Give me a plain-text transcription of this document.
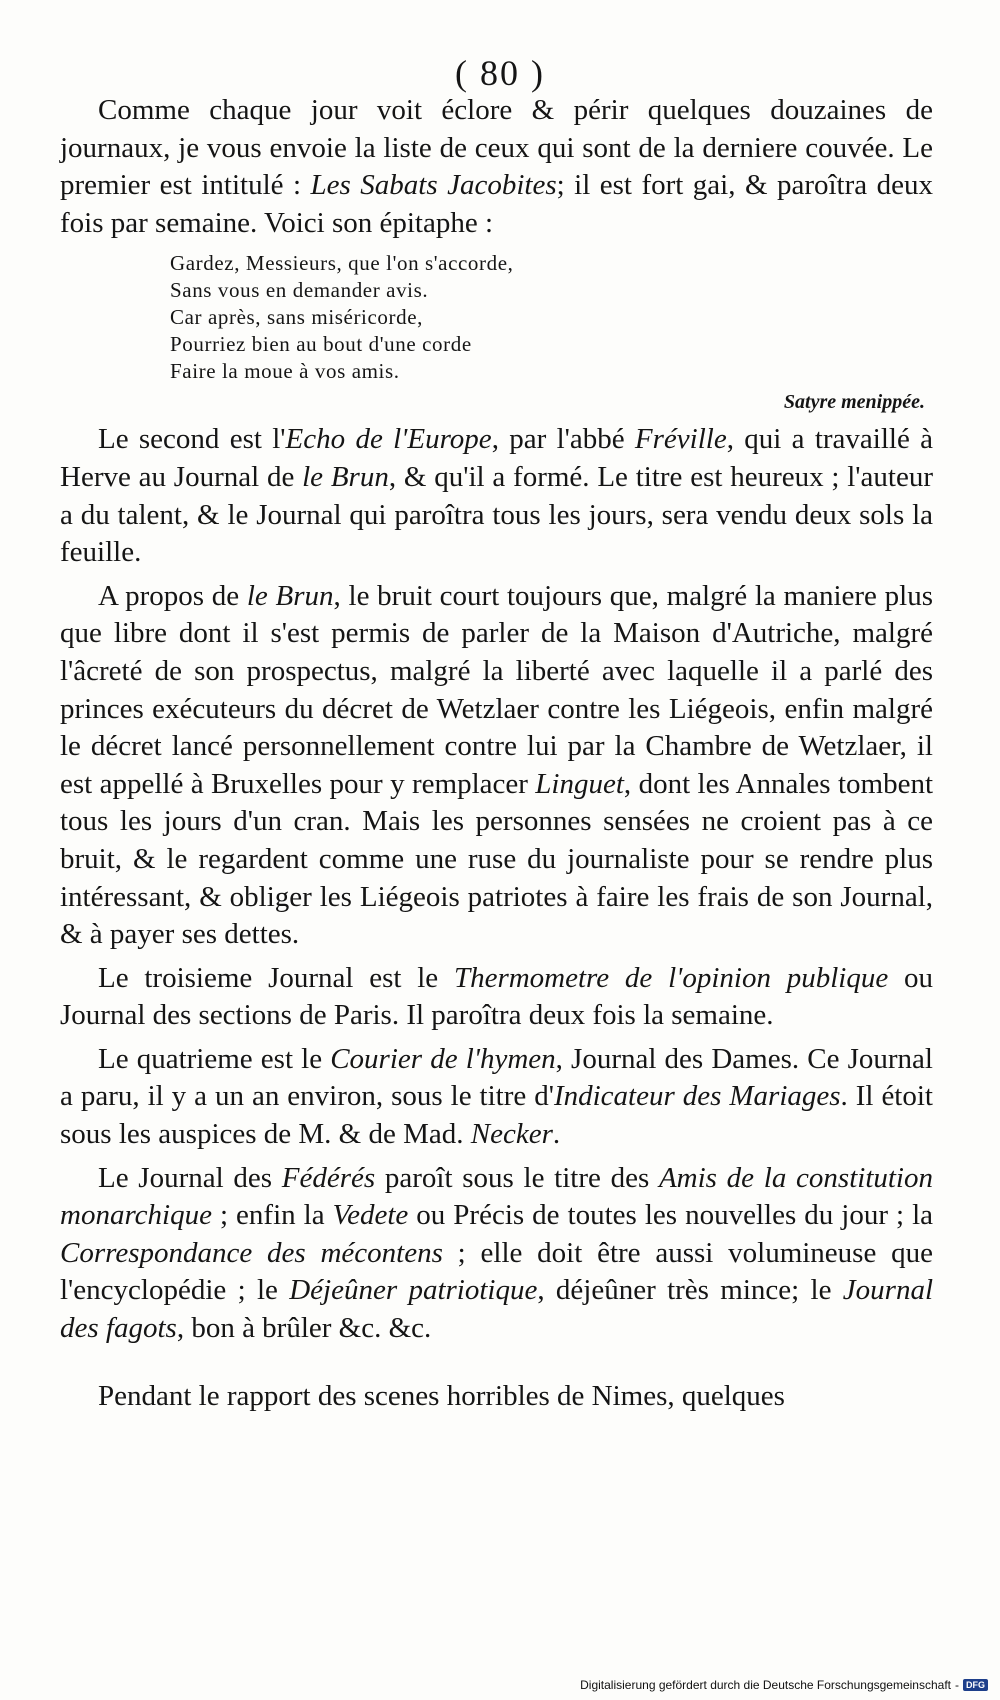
( 80 )

Comme chaque jour voit éclore & périr quelques douzaines de journaux, je vous envoie la liste de ceux qui sont de la derniere couvée. Le premier est intitulé : Les Sabats Jacobites; il est fort gai, & paroîtra deux fois par semaine. Voici son épitaphe :

Gardez, Messieurs, que l'on s'accorde,
Sans vous en demander avis.
Car après, sans miséricorde,
Pourriez bien au bout d'une corde
Faire la moue à vos amis.
Satyre menippée.

Le second est l'Echo de l'Europe, par l'abbé Fréville, qui a travaillé à Herve au Journal de le Brun, & qu'il a formé. Le titre est heureux ; l'auteur a du talent, & le Journal qui paroîtra tous les jours, sera vendu deux sols la feuille.

A propos de le Brun, le bruit court toujours que, malgré la maniere plus que libre dont il s'est permis de parler de la Maison d'Autriche, malgré l'âcreté de son prospectus, malgré la liberté avec laquelle il a parlé des princes exécuteurs du décret de Wetzlaer contre les Liégeois, enfin malgré le décret lancé personnellement contre lui par la Chambre de Wetzlaer, il est appellé à Bruxelles pour y remplacer Linguet, dont les Annales tombent tous les jours d'un cran. Mais les personnes sensées ne croient pas à ce bruit, & le regardent comme une ruse du journaliste pour se rendre plus intéressant, & obliger les Liégeois patriotes à faire les frais de son Journal, & à payer ses dettes.

Le troisieme Journal est le Thermometre de l'opinion publique ou Journal des sections de Paris. Il paroîtra deux fois la semaine.

Le quatrieme est le Courier de l'hymen, Journal des Dames. Ce Journal a paru, il y a un an environ, sous le titre d'Indicateur des Mariages. Il étoit sous les auspices de M. & de Mad. Necker.

Le Journal des Fédérés paroît sous le titre des Amis de la constitution monarchique ; enfin la Vedete ou Précis de toutes les nouvelles du jour ; la Correspondance des mécontens ; elle doit être aussi volumineuse que l'encyclopédie ; le Déjeûner patriotique, déjeûner très mince; le Journal des fagots, bon à brûler &c. &c.

Pendant le rapport des scenes horribles de Nimes, quelques

Digitalisierung gefördert durch die Deutsche Forschungsgemeinschaft - DFG
